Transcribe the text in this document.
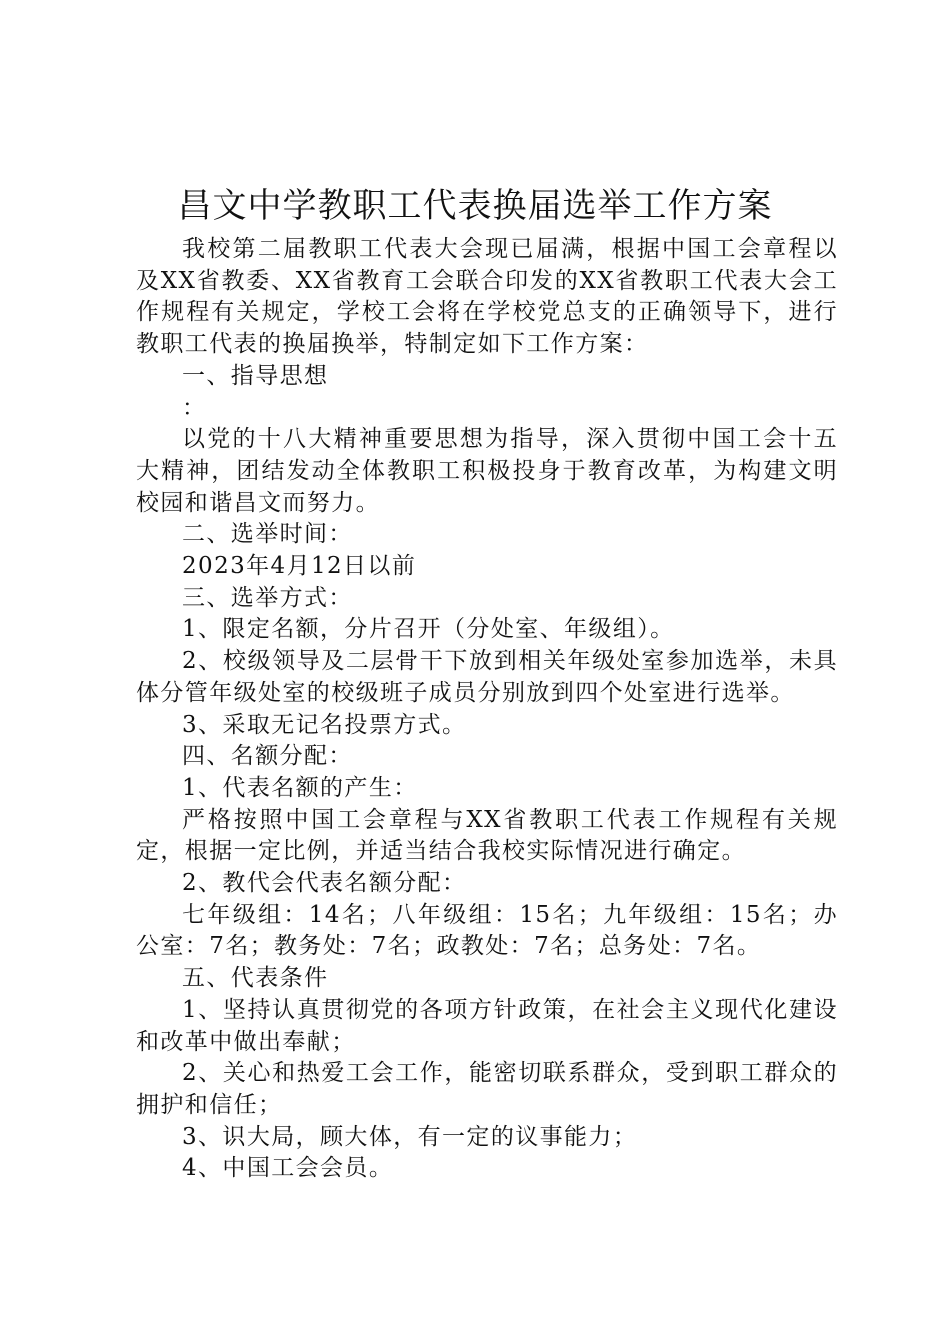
昌文中学教职工代表换届选举工作方案

我校第二届教职工代表大会现已届满，根据中国工会章程以及XX省教委、XX省教育工会联合印发的XX省教职工代表大会工作规程有关规定，学校工会将在学校党总支的正确领导下，进行教职工代表的换届换举，特制定如下工作方案：

一、指导思想

：

以党的十八大精神重要思想为指导，深入贯彻中国工会十五大精神，团结发动全体教职工积极投身于教育改革，为构建文明校园和谐昌文而努力。

二、选举时间：

2023年4月12日以前

三、选举方式：

1、限定名额，分片召开（分处室、年级组）。

2、校级领导及二层骨干下放到相关年级处室参加选举，未具体分管年级处室的校级班子成员分别放到四个处室进行选举。

3、采取无记名投票方式。

四、名额分配：

1、代表名额的产生：

严格按照中国工会章程与XX省教职工代表工作规程有关规定，根据一定比例，并适当结合我校实际情况进行确定。

2、教代会代表名额分配：

七年级组：14名；八年级组：15名；九年级组：15名；办公室：7名；教务处：7名；政教处：7名；总务处：7名。

五、代表条件

1、坚持认真贯彻党的各项方针政策，在社会主义现代化建设和改革中做出奉献；

2、关心和热爱工会工作，能密切联系群众，受到职工群众的拥护和信任；

3、识大局，顾大体，有一定的议事能力；

4、中国工会会员。
